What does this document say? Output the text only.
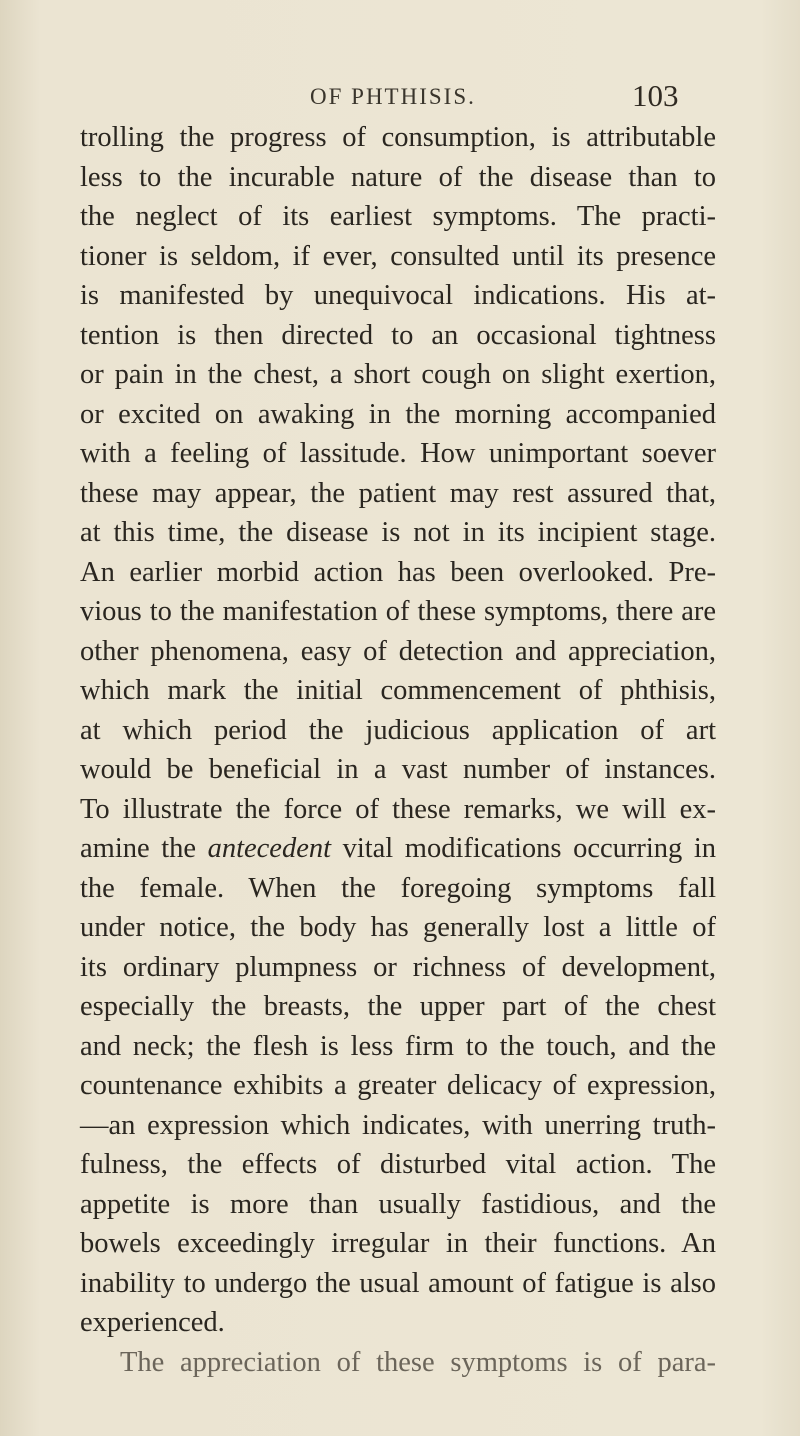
OF PHTHISIS.	103
trolling the progress of consumption, is attributable
less to the incurable nature of the disease than to
the neglect of its earliest symptoms. The practi-
tioner is seldom, if ever, consulted until its presence
is manifested by unequivocal indications. His at-
tention is then directed to an occasional tightness
or pain in the chest, a short cough on slight exertion,
or excited on awaking in the morning accompanied
with a feeling of lassitude. How unimportant soever
these may appear, the patient may rest assured that,
at this time, the disease is not in its incipient stage.
An earlier morbid action has been overlooked. Pre-
vious to the manifestation of these symptoms, there are
other phenomena, easy of detection and appreciation,
which mark the initial commencement of phthisis,
at which period the judicious application of art
would be beneficial in a vast number of instances.
To illustrate the force of these remarks, we will ex-
amine the antecedent vital modifications occurring in
the female. When the foregoing symptoms fall
under notice, the body has generally lost a little of
its ordinary plumpness or richness of development,
especially the breasts, the upper part of the chest
and neck; the flesh is less firm to the touch, and the
countenance exhibits a greater delicacy of expression,
—an expression which indicates, with unerring truth-
fulness, the effects of disturbed vital action. The
appetite is more than usually fastidious, and the
bowels exceedingly irregular in their functions. An
inability to undergo the usual amount of fatigue is also
experienced.
The appreciation of these symptoms is of para-
